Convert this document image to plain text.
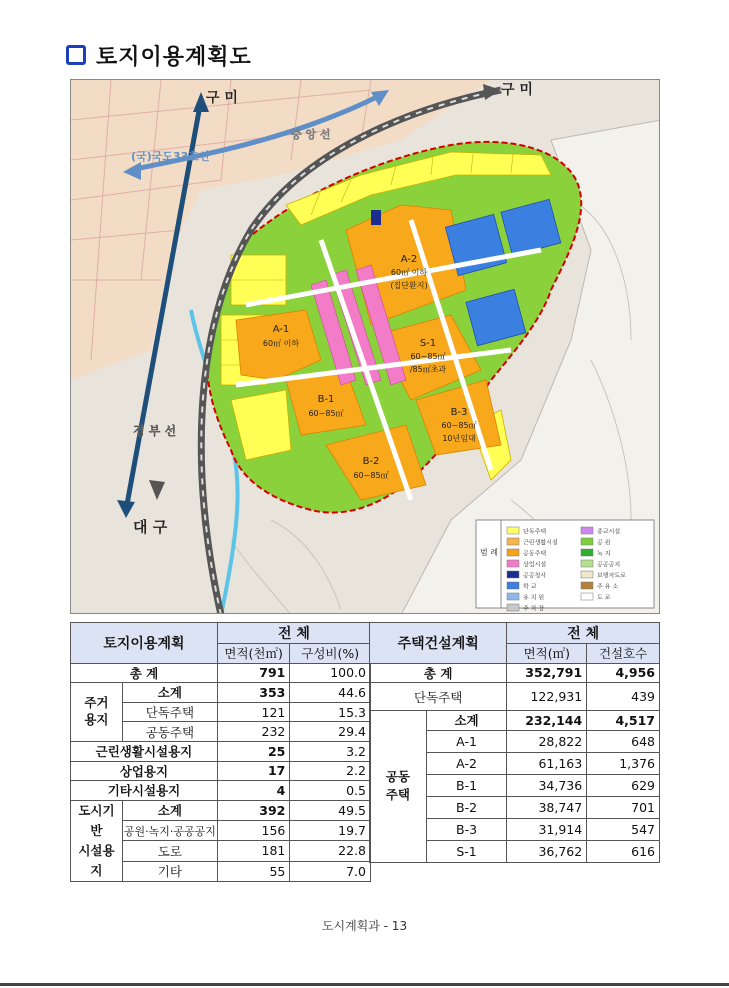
토지이용계획도
구 미	구 미
(국)국도33호선
중 앙 선
경 부 선
대 구
A-2
60㎡ 이하
(집단환지)
A-1
60㎡ 이하	S-1
60~85㎡
/85㎡초과
B-1
60~85㎡	B-3
60~85㎡
10년임대
B-2
60~85㎡
범 례
단독주택	종교시설
근린생활시설	공 원
공동주택	녹 지
상업시설	공공공지
공공청사	보행자도로
학 교	주 유 소
유 치 원	도 로
주 차 장
토지이용계획		전 체	
		면적(천㎡)	구성비(%)
총 계		791	100.0
주거
용지	소계	353	44.6
	단독주택	121	15.3
	공동주택	232	29.4
근린생활시설용지		25	3.2
상업용지		17	2.2
기타시설용지		4	0.5
도시기반
시설용지	소계	392	49.5
	공원·녹지·공공공지	156	19.7
	도로	181	22.8
	기타	55	7.0
주택건설계획		전 체	
		면적(㎡)	건설호수
총 계		352,791	4,956
단독주택		122,931	439
공동
주택	소계	232,144	4,517
	A-1	28,822	648
	A-2	61,163	1,376
	B-1	34,736	629
	B-2	38,747	701
	B-3	31,914	547
	S-1	36,762	616
도시계획과 - 13
